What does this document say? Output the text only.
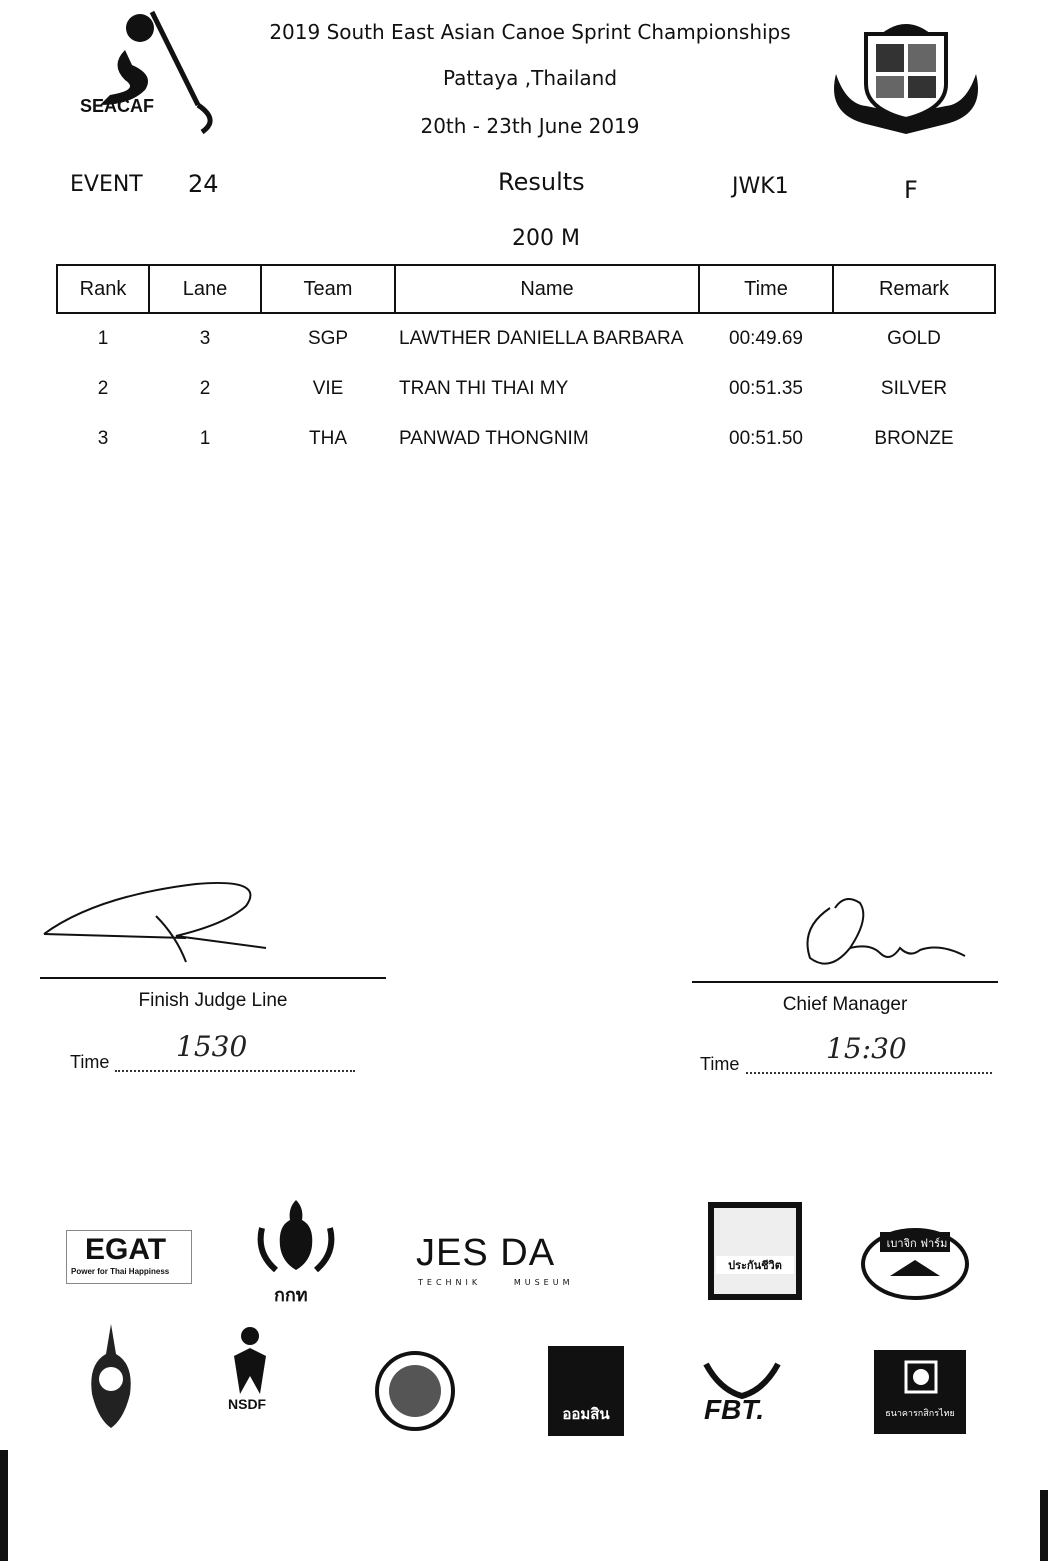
SEACAF
2019 South East Asian Canoe Sprint Championships
Pattaya ,Thailand
20th - 23th June 2019
EVENT 24	Results	JWK1	F
200 M
Rank	Lane	Team	Name	Time	Remark
1	3	SGP	LAWTHER DANIELLA BARBARA	00:49.69	GOLD
2	2	VIE	TRAN THI THAI MY	00:51.35	SILVER
3	1	THA	PANWAD THONGNIM	00:51.50	BRONZE
Finish Judge Line
Time 1530
Chief Manager
Time	15:30
EGAT
Power for Thai Happiness
กกท
JES DA
TECHNIK     MUSEUM
ประกันชีวิต
เบาจิก ฟาร์ม
NSDF
ออมสิน	FBT.	ธนาคารกสิกรไทย
